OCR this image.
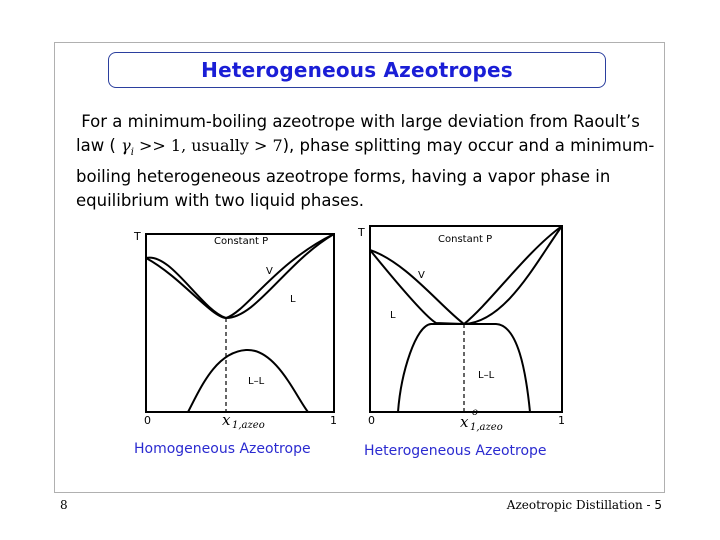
Heterogeneous Azeotropes
For a minimum-boiling azeotrope with large deviation from Raoult’s law ( $\gamma_i >> 1$, usually > 7), phase splitting may occur and a minimum-boiling heterogeneous azeotrope forms, having a vapor phase in equilibrium with two liquid phases.
T	Constant P
V
L
L–L
0	1
x 1,azeo
T
Constant P
V
L
L–L
0	1
x
o
1,azeo
Homogeneous Azeotrope	Heterogeneous Azeotrope
8	Azeotropic Distillation - 5
